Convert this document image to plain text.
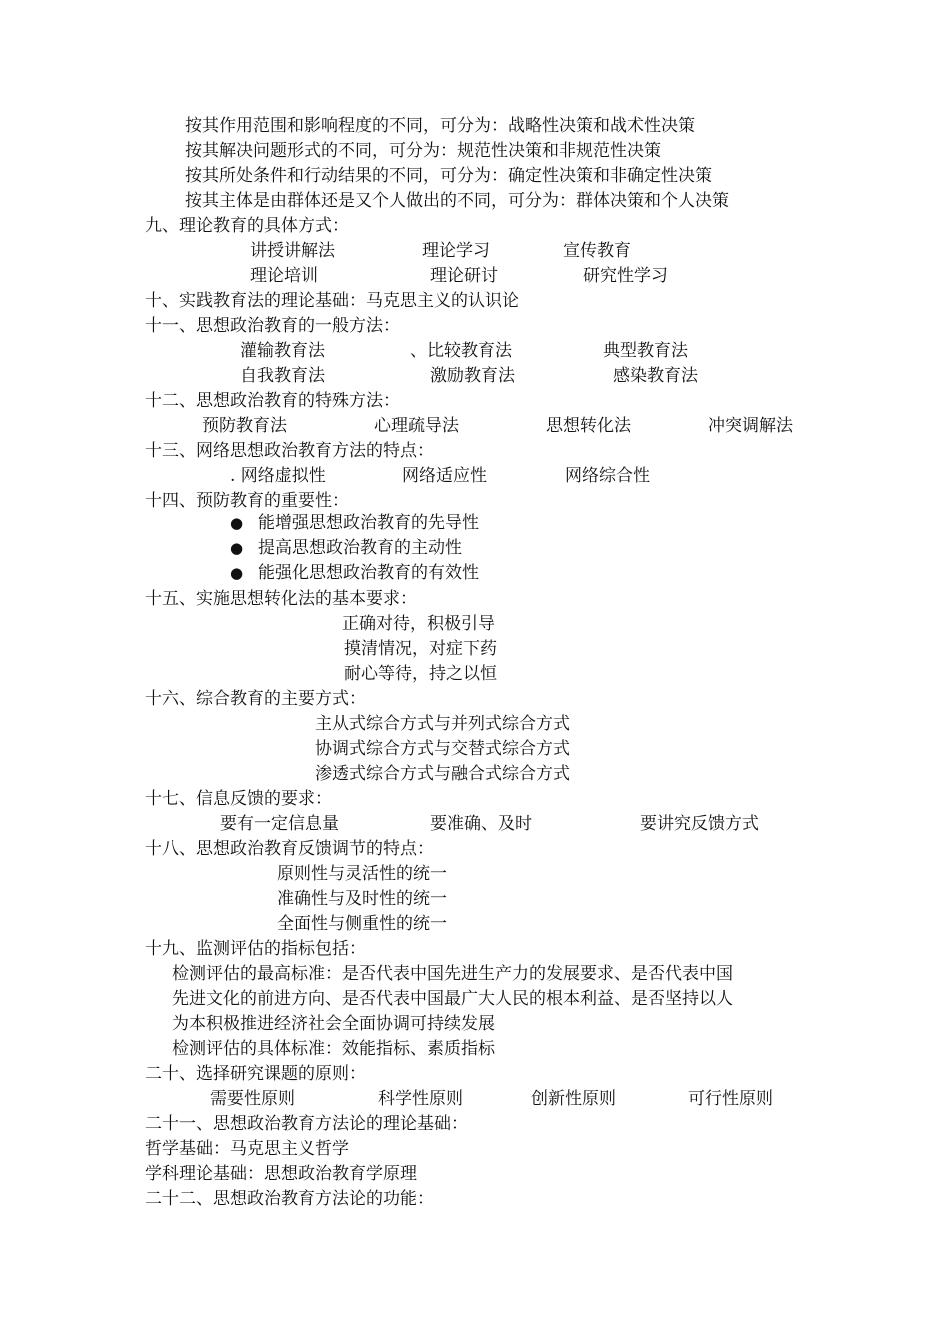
按其作用范围和影响程度的不同，可分为：战略性决策和战术性决策
按其解决问题形式的不同，可分为：规范性决策和非规范性决策
按其所处条件和行动结果的不同，可分为：确定性决策和非确定性决策
按其主体是由群体还是又个人做出的不同，可分为：群体决策和个人决策
九、理论教育的具体方式：
讲授讲解法	理论学习	宣传教育
理论培训	理论研讨	研究性学习
十、实践教育法的理论基础：马克思主义的认识论
十一、思想政治教育的一般方法：
灌输教育法	、比较教育法	典型教育法
自我教育法	激励教育法	感染教育法
十二、思想政治教育的特殊方法：
预防教育法	心理疏导法	思想转化法	冲突调解法
十三、网络思想政治教育方法的特点：
. 网络虚拟性	网络适应性	网络综合性
十四、预防教育的重要性：
● 能增强思想政治教育的先导性
● 提高思想政治教育的主动性
● 能强化思想政治教育的有效性
十五、实施思想转化法的基本要求：
正确对待，积极引导
摸清情况，对症下药
耐心等待，持之以恒
十六、综合教育的主要方式：
主从式综合方式与并列式综合方式
协调式综合方式与交替式综合方式
渗透式综合方式与融合式综合方式
十七、信息反馈的要求：
要有一定信息量	要准确、及时	要讲究反馈方式
十八、思想政治教育反馈调节的特点：
原则性与灵活性的统一
准确性与及时性的统一
全面性与侧重性的统一
十九、监测评估的指标包括：
检测评估的最高标准：是否代表中国先进生产力的发展要求、是否代表中国
先进文化的前进方向、是否代表中国最广大人民的根本利益、是否坚持以人
为本积极推进经济社会全面协调可持续发展
检测评估的具体标准：效能指标、素质指标
二十、选择研究课题的原则：
需要性原则	科学性原则	创新性原则	可行性原则
二十一、思想政治教育方法论的理论基础：
哲学基础：马克思主义哲学
学科理论基础：思想政治教育学原理
二十二、思想政治教育方法论的功能：
